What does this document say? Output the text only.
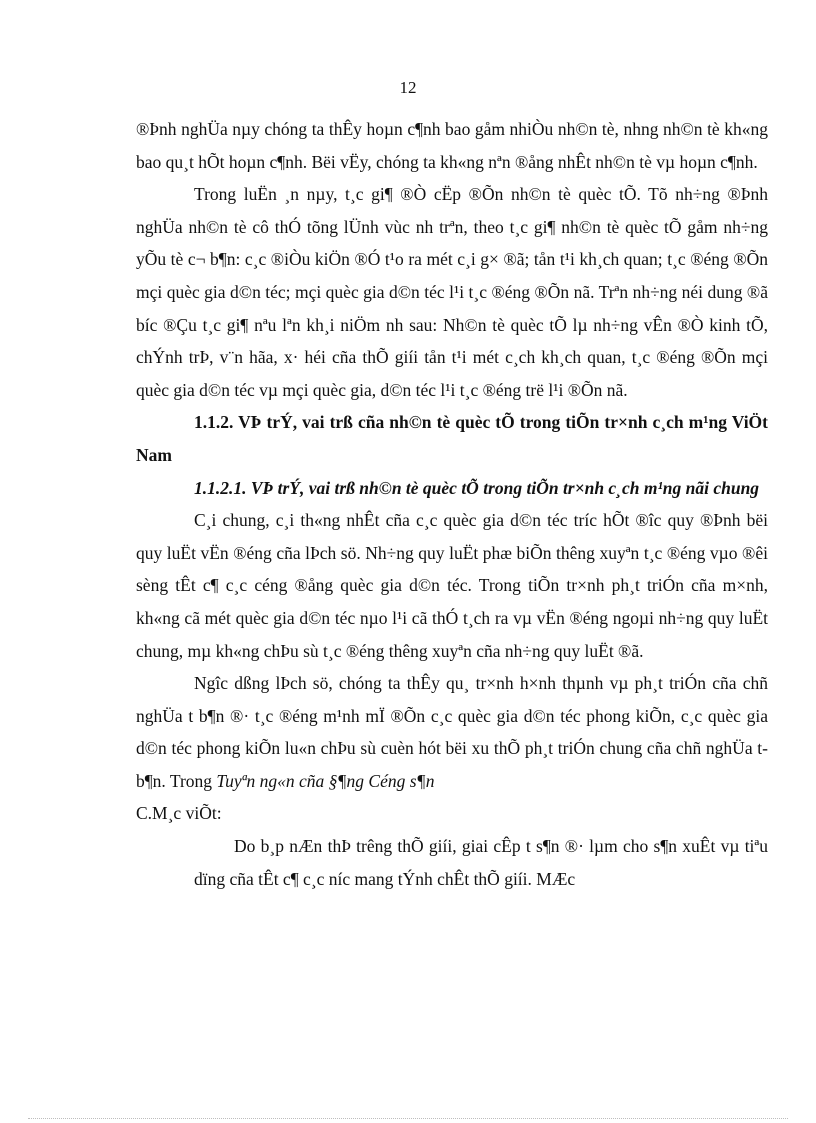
12

®Þnh nghÜa nµy chóng ta thÊy hoµn c¶nh bao gåm nhiÒu nh©n tè, nhng nh©n tè kh«ng bao qu¸t hÕt hoµn c¶nh. Bëi vËy, chóng ta kh«ng nªn ®ång nhÊt nh©n tè vµ hoµn c¶nh.

Trong luËn ¸n nµy, t¸c gi¶ ®Ò cËp ®Õn nh©n tè quèc tÕ. Tõ nh÷ng ®Þnh nghÜa nh©n tè cô thÓ tõng lÜnh vùc nh trªn, theo t¸c gi¶ nh©n tè quèc tÕ gåm nh÷ng yÕu tè c¬ b¶n: c¸c ®iÒu kiÖn ®Ó t¹o ra mét c¸i g× ®ã; tån t¹i kh¸ch quan; t¸c ®éng ®Õn mçi quèc gia d©n téc; mçi quèc gia d©n téc l¹i t¸c ®éng ®Õn nã. Trªn nh÷ng néi dung ®ã bíc ®Çu t¸c gi¶ nªu lªn kh¸i niÖm nh sau: Nh©n tè quèc tÕ lµ nh÷ng vÊn ®Ò kinh tÕ, chÝnh trÞ, v¨n hãa, x· héi cña thÕ giíi tån t¹i mét c¸ch kh¸ch quan, t¸c ®éng ®Õn mçi quèc gia d©n téc vµ mçi quèc gia, d©n téc l¹i t¸c ®éng trë l¹i ®Õn nã.

1.1.2. VÞ trÝ, vai trß cña nh©n tè quèc tÕ trong tiÕn tr×nh c¸ch m¹ng ViÖt Nam

1.1.2.1. VÞ trÝ, vai trß nh©n tè quèc tÕ trong tiÕn tr×nh c¸ch m¹ng nãi chung

C¸i chung, c¸i th«ng nhÊt cña c¸c quèc gia d©n téc tríc hÕt ®îc quy ®Þnh bëi quy luËt vËn ®éng cña lÞch sö. Nh÷ng quy luËt phæ biÕn thêng xuyªn t¸c ®éng vµo ®êi sèng tÊt c¶ c¸c céng ®ång quèc gia d©n téc. Trong tiÕn tr×nh ph¸t triÓn cña m×nh, kh«ng cã mét quèc gia d©n téc nµo l¹i cã thÓ t¸ch ra vµ vËn ®éng ngoµi nh÷ng quy luËt chung, mµ kh«ng chÞu sù t¸c ®éng thêng xuyªn cña nh÷ng quy luËt ®ã.

Ngîc dßng lÞch sö, chóng ta thÊy qu¸ tr×nh h×nh thµnh vµ ph¸t triÓn cña chñ nghÜa t b¶n ®· t¸c ®éng m¹nh mÏ ®Õn c¸c quèc gia d©n téc phong kiÕn, c¸c quèc gia d©n téc phong kiÕn lu«n chÞu sù cuèn hót bëi xu thÕ ph¸t triÓn chung cña chñ nghÜa t b¶n. Trong Tuyªn ng«n cña §¶ng Céng s¶n
C.M¸c viÕt:

Do b¸p nÆn thÞ trêng thÕ giíi, giai cÊp t s¶n ®· lµm cho s¶n xuÊt vµ tiªu dïng cña tÊt c¶ c¸c níc mang tÝnh chÊt thÕ giíi. MÆc
